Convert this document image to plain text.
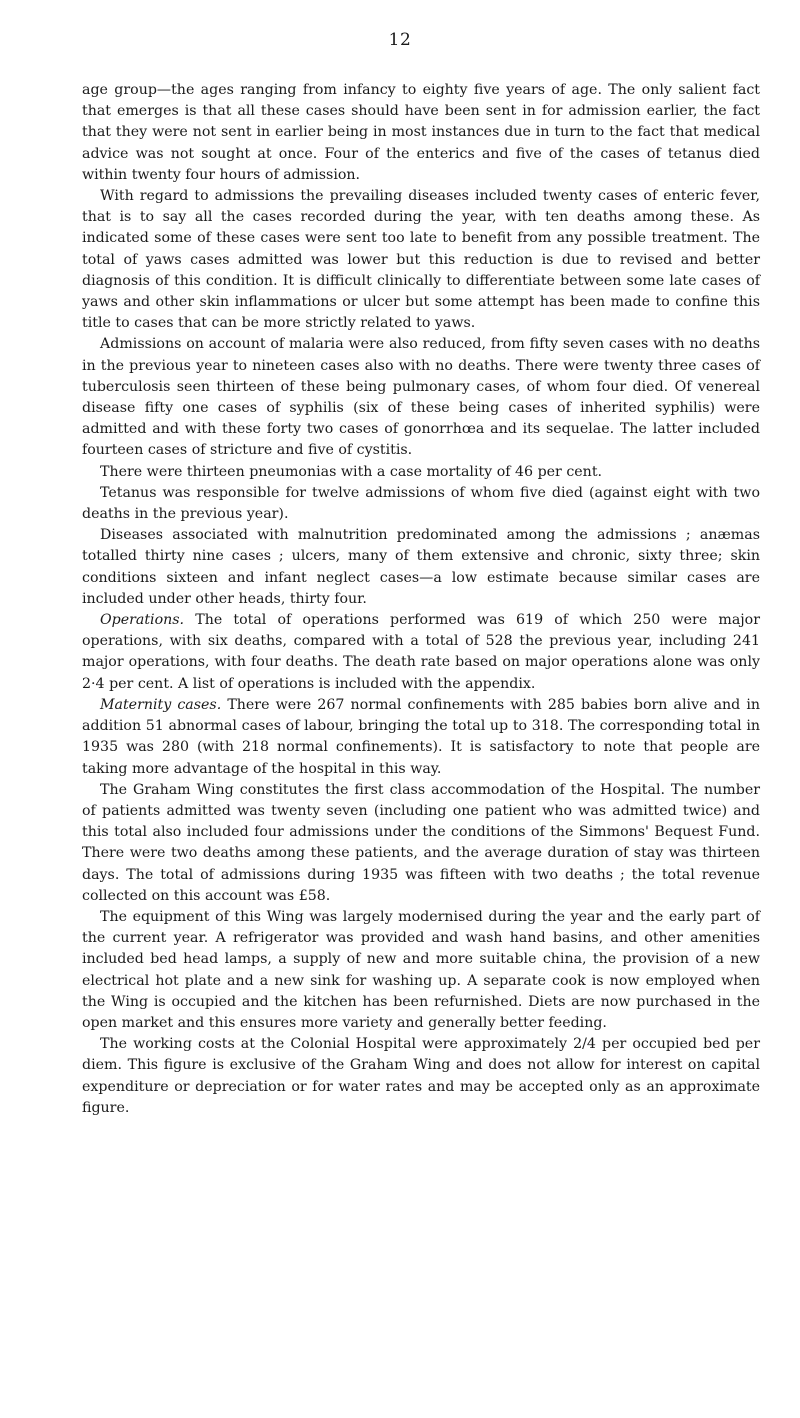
12

age group—the ages ranging from infancy to eighty five years of age. The only salient fact that emerges is that all these cases should have been sent in for admission earlier, the fact that they were not sent in earlier being in most instances due in turn to the fact that medical advice was not sought at once. Four of the enterics and five of the cases of tetanus died within twenty four hours of admission.

With regard to admissions the prevailing diseases included twenty cases of enteric fever, that is to say all the cases recorded during the year, with ten deaths among these. As indicated some of these cases were sent too late to benefit from any possible treatment. The total of yaws cases admitted was lower but this reduction is due to revised and better diagnosis of this condition. It is difficult clinically to differentiate between some late cases of yaws and other skin inflammations or ulcer but some attempt has been made to confine this title to cases that can be more strictly related to yaws.

Admissions on account of malaria were also reduced, from fifty seven cases with no deaths in the previous year to nineteen cases also with no deaths. There were twenty three cases of tuberculosis seen thirteen of these being pulmonary cases, of whom four died. Of venereal disease fifty one cases of syphilis (six of these being cases of inherited syphilis) were admitted and with these forty two cases of gonorrhœa and its sequelae. The latter included fourteen cases of stricture and five of cystitis.

There were thirteen pneumonias with a case mortality of 46 per cent.

Tetanus was responsible for twelve admissions of whom five died (against eight with two deaths in the previous year).

Diseases associated with malnutrition predominated among the admissions ; anæmas totalled thirty nine cases ; ulcers, many of them extensive and chronic, sixty three; skin conditions sixteen and infant neglect cases—a low estimate because similar cases are included under other heads, thirty four.

Operations. The total of operations performed was 619 of which 250 were major operations, with six deaths, compared with a total of 528 the previous year, including 241 major operations, with four deaths. The death rate based on major operations alone was only 2·4 per cent. A list of operations is included with the appendix.

Maternity cases. There were 267 normal confinements with 285 babies born alive and in addition 51 abnormal cases of labour, bringing the total up to 318. The corresponding total in 1935 was 280 (with 218 normal confinements). It is satisfactory to note that people are taking more advantage of the hospital in this way.

The Graham Wing constitutes the first class accommodation of the Hospital. The number of patients admitted was twenty seven (including one patient who was admitted twice) and this total also included four admissions under the conditions of the Simmons' Bequest Fund. There were two deaths among these patients, and the average duration of stay was thirteen days. The total of admissions during 1935 was fifteen with two deaths ; the total revenue collected on this account was £58.

The equipment of this Wing was largely modernised during the year and the early part of the current year. A refrigerator was provided and wash hand basins, and other amenities included bed head lamps, a supply of new and more suitable china, the provision of a new electrical hot plate and a new sink for washing up. A separate cook is now employed when the Wing is occupied and the kitchen has been refurnished. Diets are now purchased in the open market and this ensures more variety and generally better feeding.

The working costs at the Colonial Hospital were approximately 2/4 per occupied bed per diem. This figure is exclusive of the Graham Wing and does not allow for interest on capital expenditure or depreciation or for water rates and may be accepted only as an approximate figure.
